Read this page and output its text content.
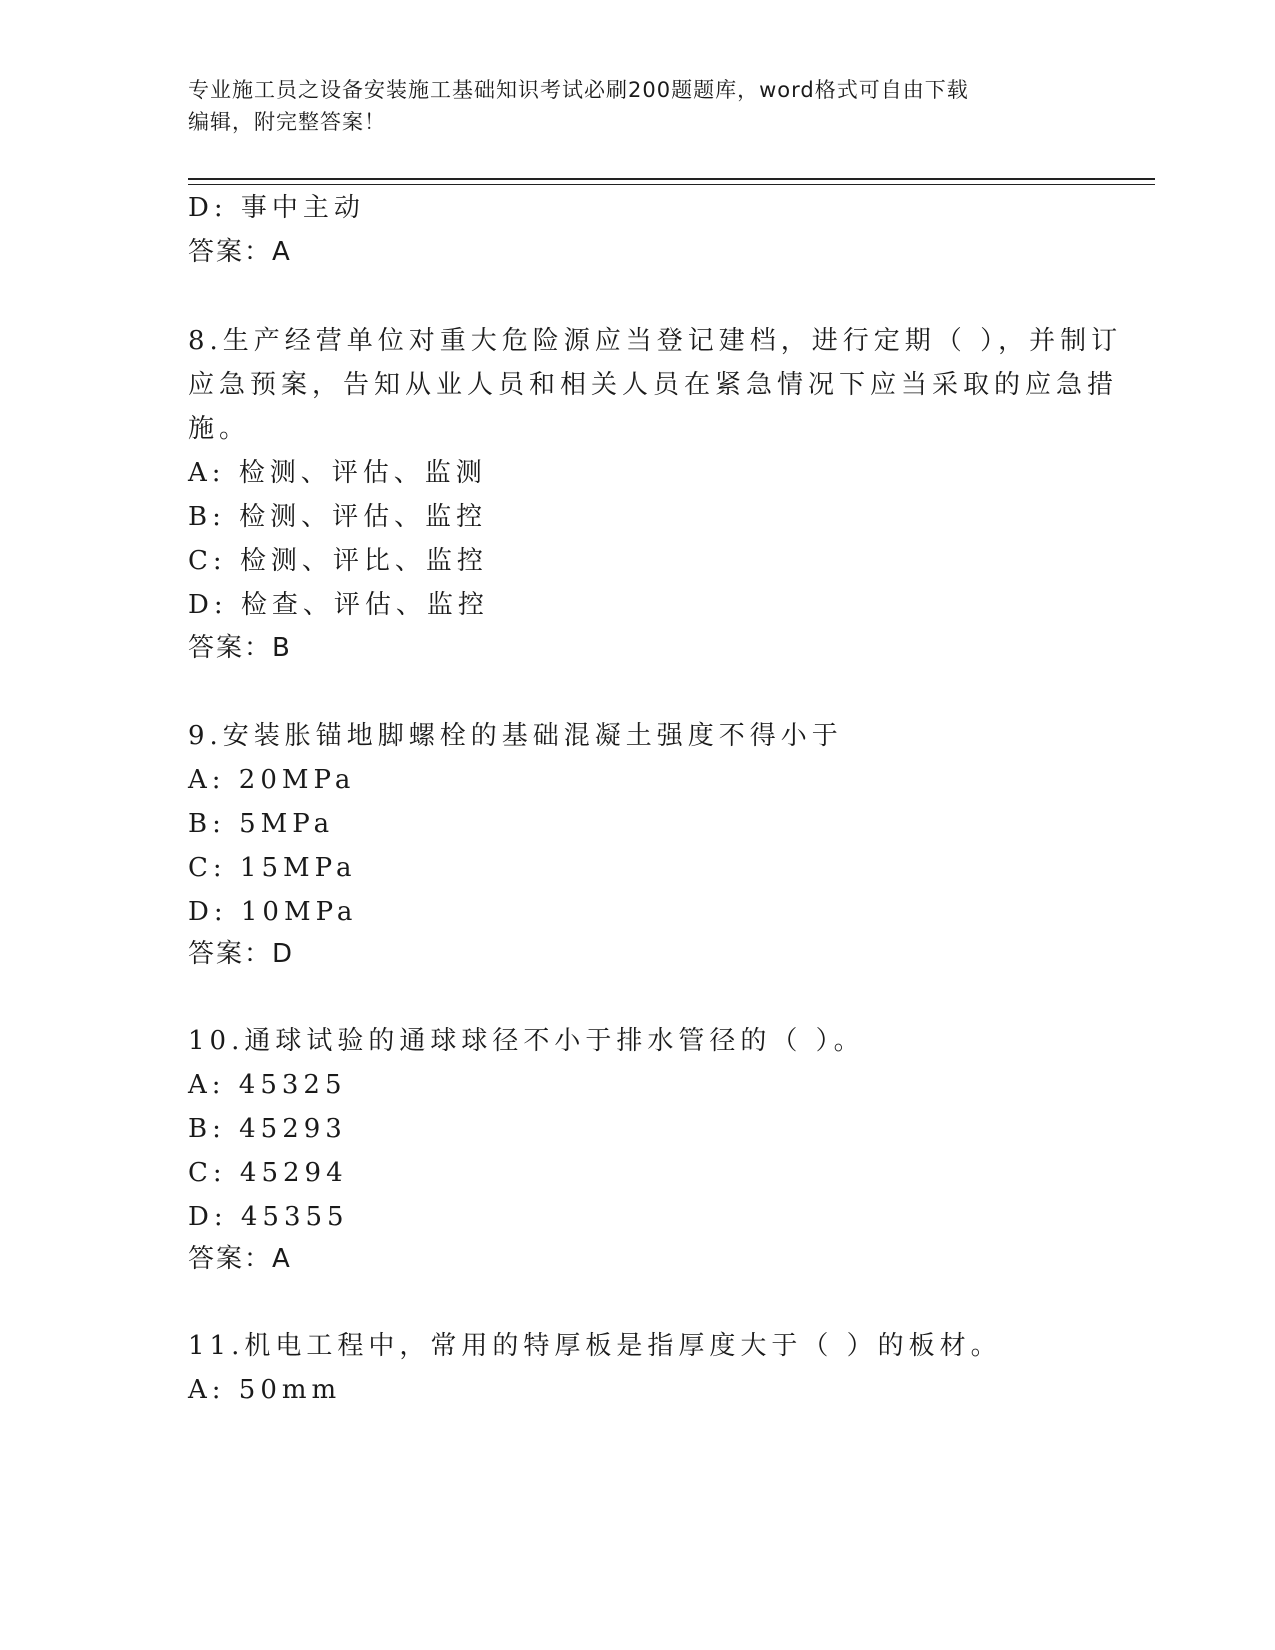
专业施工员之设备安装施工基础知识考试必刷200题题库，word格式可自由下载
编辑，附完整答案！
D: 事中主动
答案：A
8.生产经营单位对重大危险源应当登记建档，进行定期（ ），并制订
应急预案，告知从业人员和相关人员在紧急情况下应当采取的应急措
施。
A: 检测、评估、监测
B: 检测、评估、监控
C: 检测、评比、监控
D: 检查、评估、监控
答案：B
9.安装胀锚地脚螺栓的基础混凝土强度不得小于
A: 20MPa
B: 5MPa
C: 15MPa
D: 10MPa
答案：D
10.通球试验的通球球径不小于排水管径的（ ）。
A: 45325
B: 45293
C: 45294
D: 45355
答案：A
11.机电工程中，常用的特厚板是指厚度大于（ ）的板材。
A: 50mm
